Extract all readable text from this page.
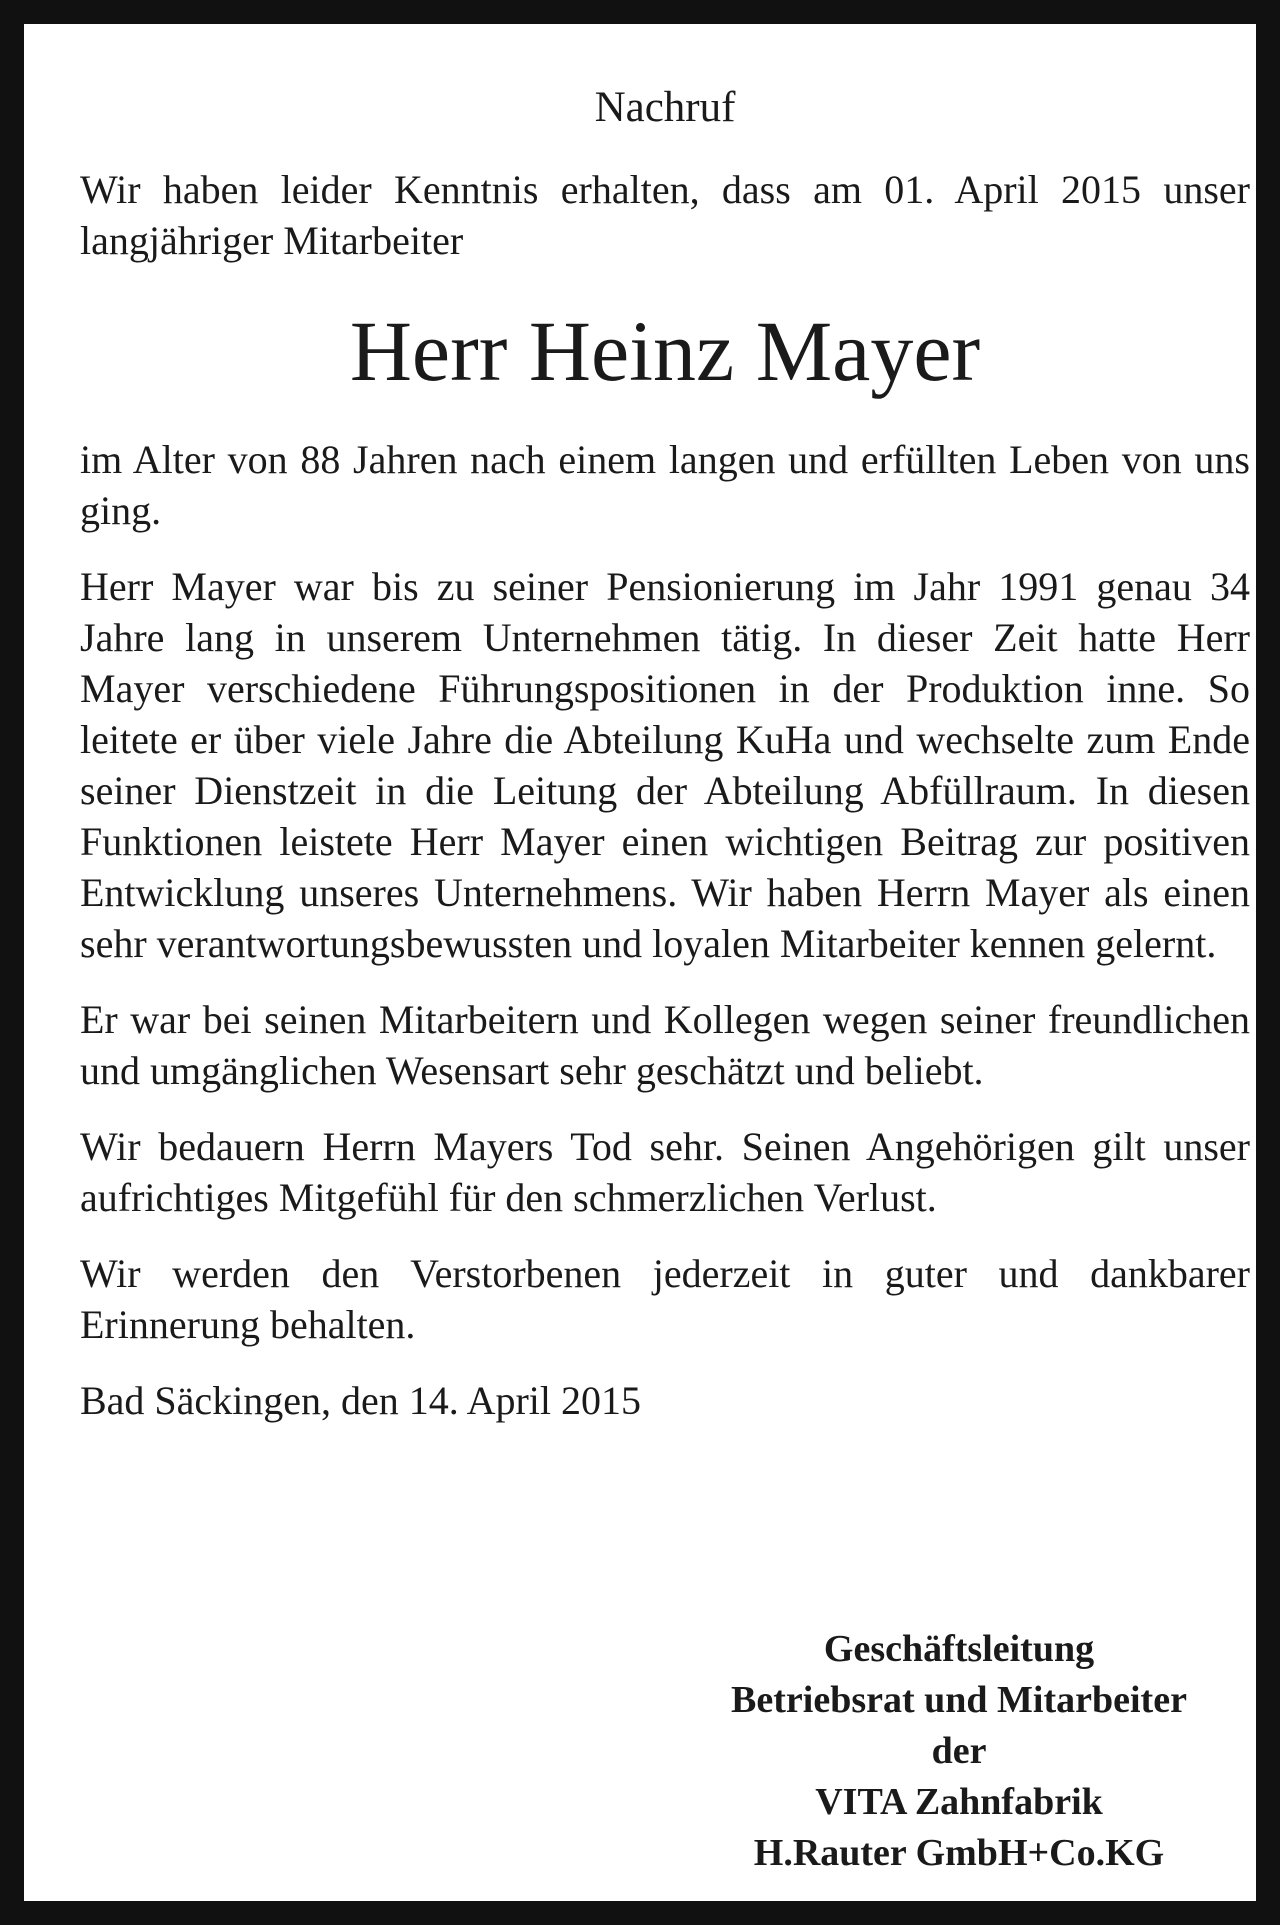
Nachruf

Wir haben leider Kenntnis erhalten, dass am 01. April 2015 unser langjähriger Mitarbeiter

Herr Heinz Mayer

im Alter von 88 Jahren nach einem langen und erfüllten Leben von uns ging.

Herr Mayer war bis zu seiner Pensionierung im Jahr 1991 genau 34 Jahre lang in unserem Unternehmen tätig. In dieser Zeit hatte Herr Mayer verschiedene Führungspositionen in der Produktion inne. So leitete er über viele Jahre die Abteilung KuHa und wechselte zum Ende seiner Dienstzeit in die Leitung der Abteilung Abfüllraum. In diesen Funktionen leistete Herr Mayer einen wichtigen Beitrag zur positiven Entwicklung unseres Unternehmens. Wir haben Herrn Mayer als einen sehr verantwortungsbewussten und loyalen Mitarbeiter kennen gelernt.

Er war bei seinen Mitarbeitern und Kollegen wegen seiner freundlichen und umgänglichen Wesensart sehr geschätzt und beliebt.

Wir bedauern Herrn Mayers Tod sehr. Seinen Angehörigen gilt unser aufrichtiges Mitgefühl für den schmerzlichen Verlust.

Wir werden den Verstorbenen jederzeit in guter und dankbarer Erinnerung behalten.

Bad Säckingen, den 14. April 2015

Geschäftsleitung
Betriebsrat und Mitarbeiter
der
VITA Zahnfabrik
H.Rauter GmbH+Co.KG
